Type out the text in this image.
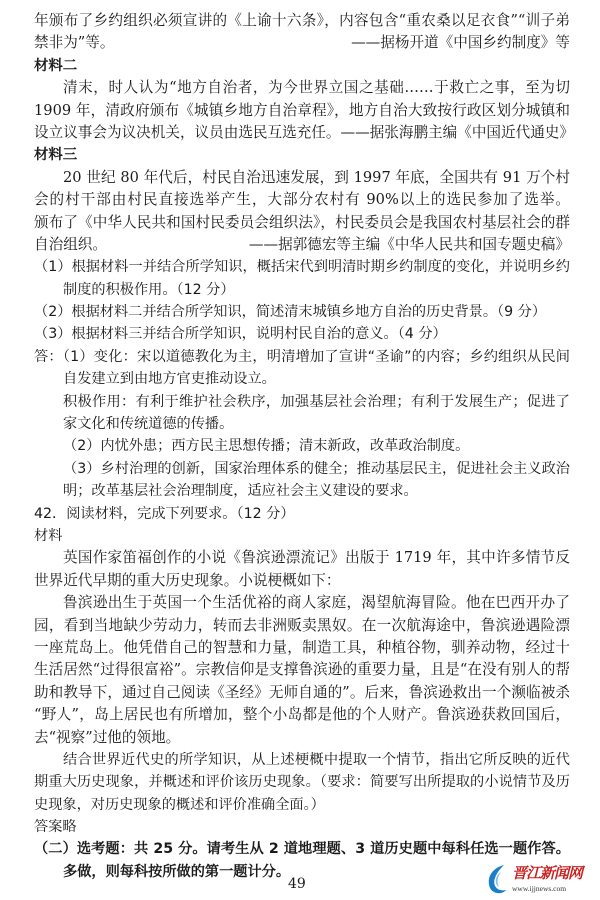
年颁布了乡约组织必须宣讲的《上谕十六条》，内容包含“重农桑以足衣食”“训子弟
禁非为”等。	——据杨开道《中国乡约制度》等
材料二
清末，时人认为“地方自治者，为今世界立国之基础……于救亡之事，至为切
1909 年，清政府颁布《城镇乡地方自治章程》，地方自治大致按行政区划分城镇和
设立议事会为议决机关，议员由选民互选充任。 ——据张海鹏主编《中国近代通史》
材料三
20 世纪 80 年代后，村民自治迅速发展，到 1997 年底，全国共有 91 万个村
会的村干部由村民直接选举产生，大部分农村有 90%以上的选民参加了选举。
颁布了《中华人民共和国村民委员会组织法》，村民委员会是我国农村基层社会的群
自治组织。	——据郭德宏等主编《中华人民共和国专题史稿》
（1）根据材料一并结合所学知识，概括宋代到明清时期乡约制度的变化，并说明乡约
制度的积极作用。（12 分）
（2）根据材料二并结合所学知识，简述清末城镇乡地方自治的历史背景。（9 分）
（3）根据材料三并结合所学知识，说明村民自治的意义。（4 分）
答：（1）变化：宋以道德教化为主，明清增加了宣讲“圣谕”的内容；乡约组织从民间
自发建立到由地方官吏推动设立。
积极作用：有利于维护社会秩序，加强基层社会治理；有利于发展生产；促进了
家文化和传统道德的传播。
（2）内忧外患；西方民主思想传播；清末新政，改革政治制度。
（3）乡村治理的创新，国家治理体系的健全；推动基层民主，促进社会主义政治
明；改革基层社会治理制度，适应社会主义建设的要求。
42．阅读材料，完成下列要求。（12 分）
材料
英国作家笛福创作的小说《鲁滨逊漂流记》出版于 1719 年，其中许多情节反
世界近代早期的重大历史现象。小说梗概如下：
鲁滨逊出生于英国一个生活优裕的商人家庭，渴望航海冒险。他在巴西开办了
园，看到当地缺少劳动力，转而去非洲贩卖黑奴。在一次航海途中，鲁滨逊遇险漂
一座荒岛上。他凭借自己的智慧和力量，制造工具，种植谷物，驯养动物，经过十
生活居然“过得很富裕”。宗教信仰是支撑鲁滨逊的重要力量，且是“在没有别人的帮
助和教导下，通过自己阅读《圣经》无师自通的”。后来，鲁滨逊救出一个濒临被杀
“野人”，岛上居民也有所增加，整个小岛都是他的个人财产。鲁滨逊获救回国后，
去“视察”过他的领地。
结合世界近代史的所学知识，从上述梗概中提取一个情节，指出它所反映的近代
期重大历史现象，并概述和评价该历史现象。（要求：简要写出所提取的小说情节及历
史现象，对历史现象的概述和评价准确全面。）
答案略
（二）选考题：共 25 分。请考生从 2 道地理题、3 道历史题中每科任选一题作答。
多做，则每科按所做的第一题计分。
49
晋江新闻网
www.ijjnews.com
